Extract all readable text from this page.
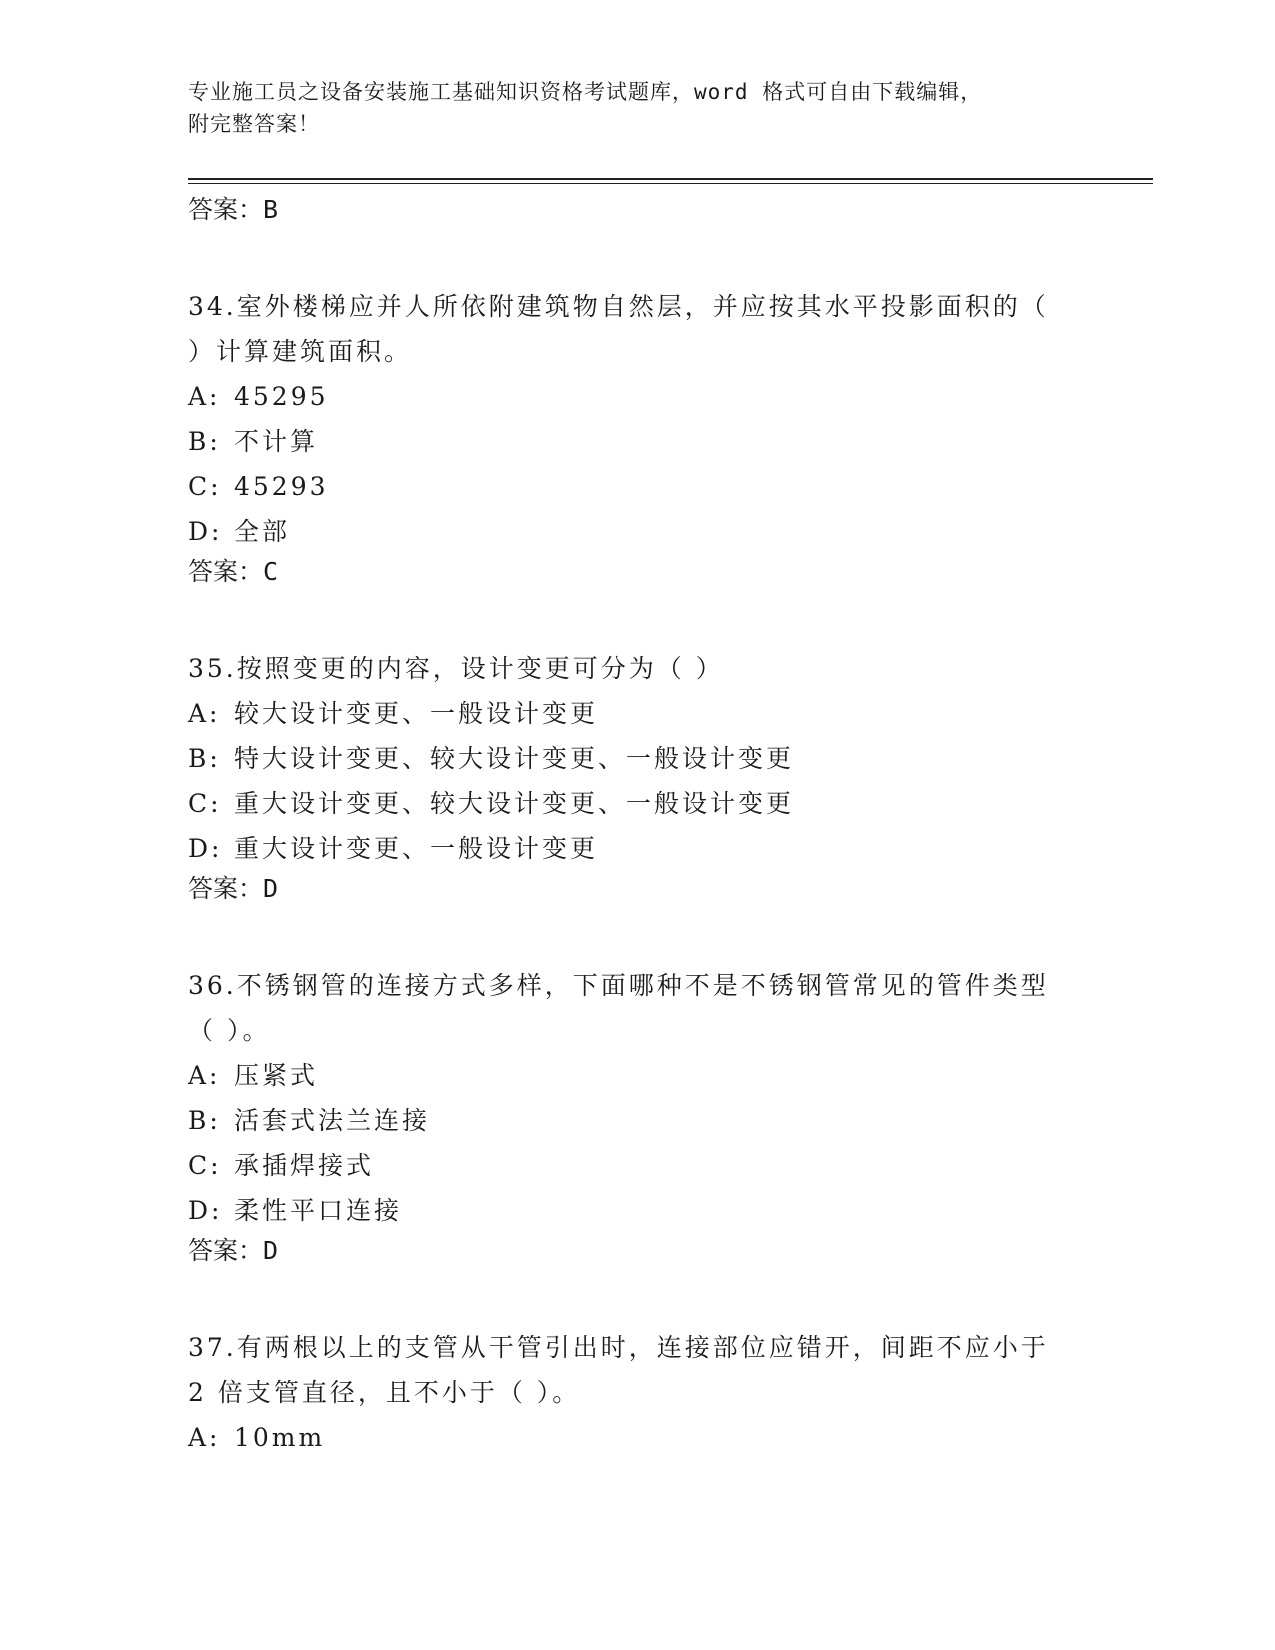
专业施工员之设备安装施工基础知识资格考试题库，word 格式可自由下载编辑，
附完整答案！
答案：B
34.室外楼梯应并人所依附建筑物自然层，并应按其水平投影面积的（
）计算建筑面积。
A: 45295
B: 不计算
C: 45293
D: 全部
答案：C
35.按照变更的内容，设计变更可分为（ ）
A: 较大设计变更、一般设计变更
B: 特大设计变更、较大设计变更、一般设计变更
C: 重大设计变更、较大设计变更、一般设计变更
D: 重大设计变更、一般设计变更
答案：D
36.不锈钢管的连接方式多样，下面哪种不是不锈钢管常见的管件类型
（ ）。
A: 压紧式
B: 活套式法兰连接
C: 承插焊接式
D: 柔性平口连接
答案：D
37.有两根以上的支管从干管引出时，连接部位应错开，间距不应小于
2 倍支管直径，且不小于（ ）。
A: 10mm
